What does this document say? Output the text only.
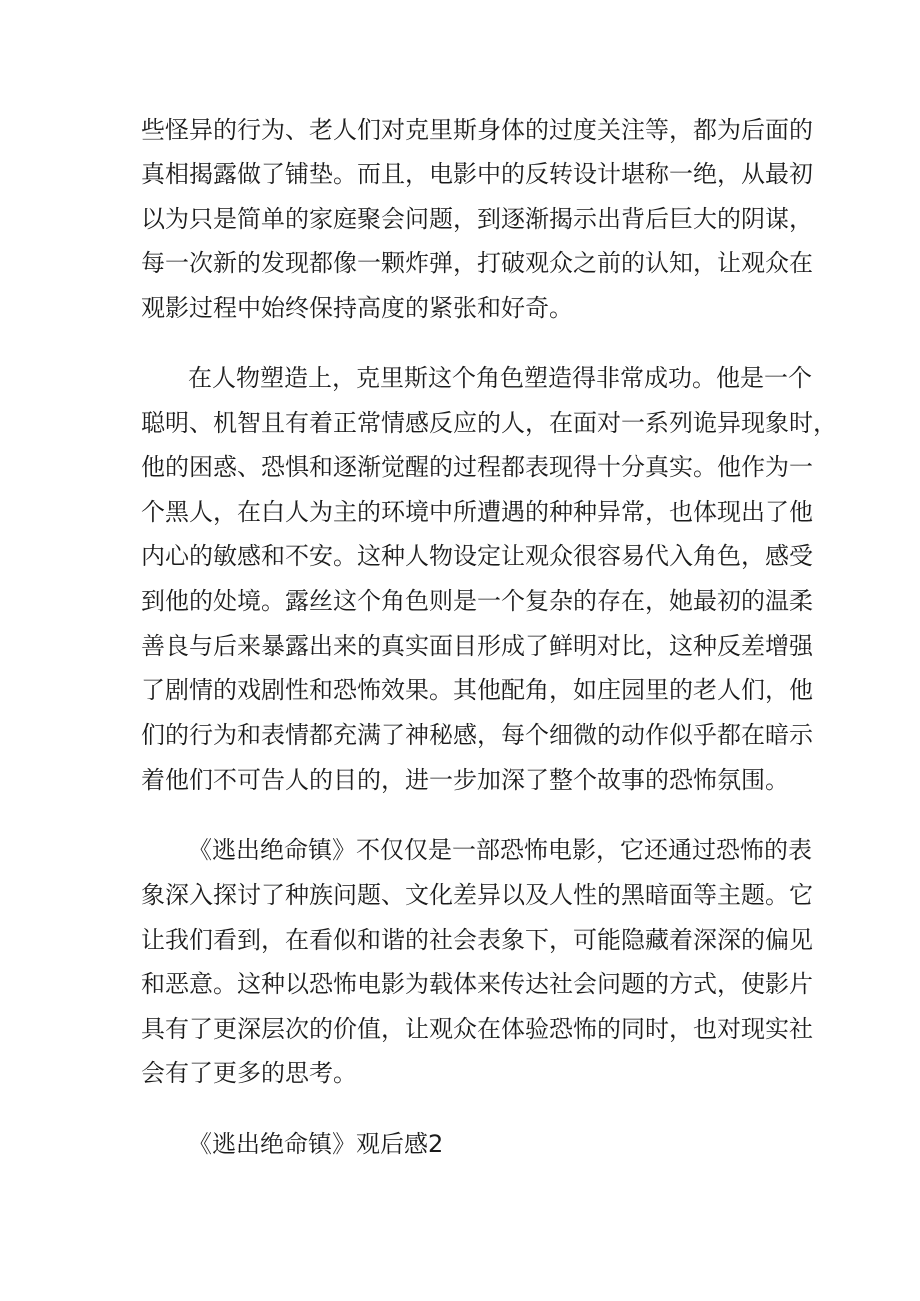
些怪异的行为、老人们对克里斯身体的过度关注等，都为后面的
真相揭露做了铺垫。而且，电影中的反转设计堪称一绝，从最初
以为只是简单的家庭聚会问题，到逐渐揭示出背后巨大的阴谋，
每一次新的发现都像一颗炸弹，打破观众之前的认知，让观众在
观影过程中始终保持高度的紧张和好奇。
在人物塑造上，克里斯这个角色塑造得非常成功。他是一个
聪明、机智且有着正常情感反应的人，在面对一系列诡异现象时，
他的困惑、恐惧和逐渐觉醒的过程都表现得十分真实。他作为一
个黑人，在白人为主的环境中所遭遇的种种异常，也体现出了他
内心的敏感和不安。这种人物设定让观众很容易代入角色，感受
到他的处境。露丝这个角色则是一个复杂的存在，她最初的温柔
善良与后来暴露出来的真实面目形成了鲜明对比，这种反差增强
了剧情的戏剧性和恐怖效果。其他配角，如庄园里的老人们，他
们的行为和表情都充满了神秘感，每个细微的动作似乎都在暗示
着他们不可告人的目的，进一步加深了整个故事的恐怖氛围。
《逃出绝命镇》不仅仅是一部恐怖电影，它还通过恐怖的表
象深入探讨了种族问题、文化差异以及人性的黑暗面等主题。它
让我们看到，在看似和谐的社会表象下，可能隐藏着深深的偏见
和恶意。这种以恐怖电影为载体来传达社会问题的方式，使影片
具有了更深层次的价值，让观众在体验恐怖的同时，也对现实社
会有了更多的思考。
《逃出绝命镇》观后感2
